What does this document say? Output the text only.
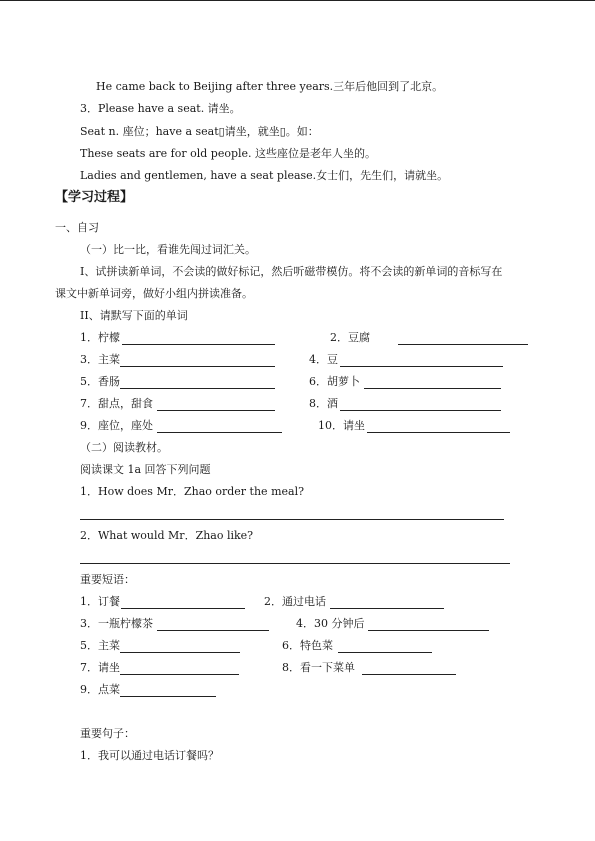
He came back to Beijing after three years.三年后他回到了北京。
3．Please have a seat. 请坐。
Seat n. 座位；have a seat▯请坐，就坐▯。如：
These seats are for old people. 这些座位是老年人坐的。
Ladies and gentlemen, have a seat please.女士们，先生们，请就坐。
【学习过程】
一、自习
（一）比一比，看谁先闯过词汇关。
I、试拼读新单词，不会读的做好标记，然后听磁带模仿。将不会读的新单词的音标写在
课文中新单词旁，做好小组内拼读准备。
II、请默写下面的单词
1．柠檬	2．豆腐
3．主菜	4．豆
5．香肠	6．胡萝卜
7．甜点，甜食	8．酒
9．座位，座处	10．请坐
（二）阅读教材。
阅读课文 1a 回答下列问题
1．How does Mr．Zhao order the meal?
2．What would Mr．Zhao like?
重要短语：
1．订餐	2．通过电话
3．一瓶柠檬茶	4．30 分钟后
5．主菜	6．特色菜
7．请坐	8．看一下菜单
9．点菜
重要句子：
1．我可以通过电话订餐吗？
